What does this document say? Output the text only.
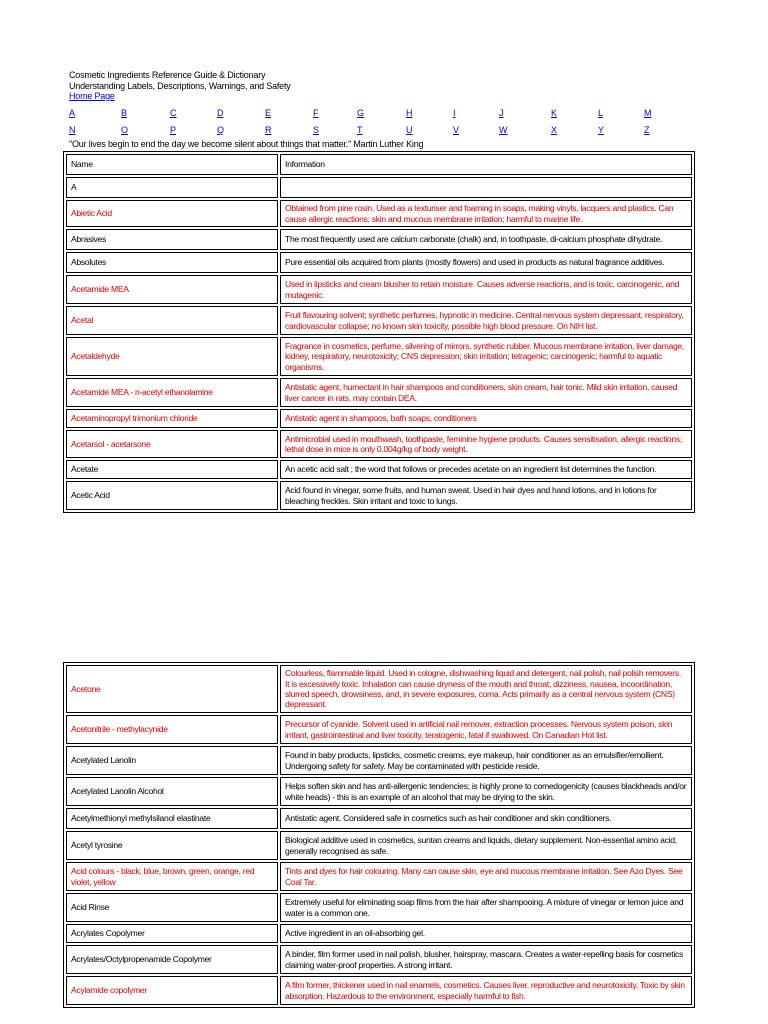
Cosmetic Ingredients Reference Guide & Dictionary
Understanding Labels, Descriptions, Warnings, and Safety
Home Page
A	B	C	D	E	F	G	H	I	J	K	L	M
N	O	P	Q	R	S	T	U	V	W	X	Y	Z
"Our lives begin to end the day we become silent about things that matter." Martin Luther King
Name	Information
A	
Abietic Acid	Obtained from pine rosin. Used as a texturiser and foaming in soaps, making vinyls, lacquers and plastics. Can cause allergic reactions; skin and mucous membrane irritation; harmful to marine life.
Abrasives	The most frequently used are calcium carbonate (chalk) and, in toothpaste, di-calcium phosphate dihydrate.
Absolutes	Pure essential oils acquired from plants (mostly flowers) and used in products as natural fragrance additives.
Acetamide MEA	Used in lipsticks and cream blusher to retain moisture. Causes adverse reactions, and is toxic, carcinogenic, and mutagenic.
Acetal	Fruit flavouring solvent; synthetic perfumes, hypnotic in medicine. Central nervous system depressant, respiratory, cardiovascular collapse; no known skin toxicity, possible high blood pressure. On NIH list.
Acetaldehyde	Fragrance in cosmetics, perfume, silvering of mirrors, synthetic rubber. Mucous membrane irritation, liver damage, kidney, respiratory, neurotoxicity; CNS depression; skin irritation; tetragenic; carcinogenic; harmful to aquatic organisms.
Acetamide MEA - n-acetyl ethanolamine	Antistatic agent, humectant in hair shampoos and conditioners, skin cream, hair tonic. Mild skin irritation, caused liver cancer in rats, may contain DEA.
Acetaminopropyl trimonium chloride	Antistatic agent in shampoos, bath soaps, conditioners
Acetarsol - acetarsone	Antimicrobial used in mouthwash, toothpaste, feminine hygiene products. Causes sensitisation, allergic reactions; lethal dose in mice is only 0.004g/kg of body weight.
Acetate	An acetic acid salt ; the word that follows or precedes acetate on an ingredient list determines the function.
Acetic Acid	Acid found in vinegar, some fruits, and human sweat. Used in hair dyes and hand lotions, and in lotions for bleaching freckles. Skin irritant and toxic to lungs.
Acetone	Colourless, flammable liquid. Used in cologne, dishwashing liquid and detergent, nail polish, nail polish removers. It is excessively toxic. Inhalation can cause dryness of the mouth and throat; dizziness, nausea, incoordination, slurred speech, drowsiness, and, in severe exposures, coma. Acts primarily as a central nervous system (CNS) depressant.
Acetonitrile - methylacynide	Precursor of cyanide. Solvent used in artificial nail remover, extraction processes. Nervous system poison, skin irritant, gastrointestinal and liver toxicity, teratogenic, fatal if swallowed. On Canadian Hot list.
Acetylated Lanolin	Found in baby products, lipsticks, cosmetic creams, eye makeup, hair conditioner as an emulsifier/emollient. Undergoing safety for safety. May be contaminated with pesticide reside.
Acetylated Lanolin Alcohol	Helps soften skin and has anti-allergenic tendencies; is highly prone to comedogenicity (causes blackheads and/or white heads) - this is an example of an alcohol that may be drying to the skin.
Acetylmethionyl methylsilanol elastinate	Antistatic agent. Considered safe in cosmetics such as hair conditioner and skin conditioners.
Acetyl tyrosine	Biological additive used in cosmetics, suntan creams and liquids, dietary supplement. Non-essential amino acid, generally recognised as safe.
Acid colours - black, blue, brown, green, orange, red violet, yellow	Tints and dyes for hair colouring. Many can cause skin, eye and mucous membrane irritation. See Azo Dyes. See Coal Tar.
Acid Rinse	Extremely useful for eliminating soap films from the hair after shampooing. A mixture of vinegar or lemon juice and water is a common one.
Acrylates Copolymer	Active ingredient in an oil-absorbing gel.
Acrylates/Octylpropenamide Copolymer	A binder, film former used in nail polish, blusher, hairspray, mascara. Creates a water-repelling basis for cosmetics claiming water-proof properties. A strong irritant.
Acylamide copolymer	A film former, thickener used in nail enamels, cosmetics. Causes liver, reproductive and neurotoxicity. Toxic by skin absorption. Hazardous to the environment, especially harmful to fish.
